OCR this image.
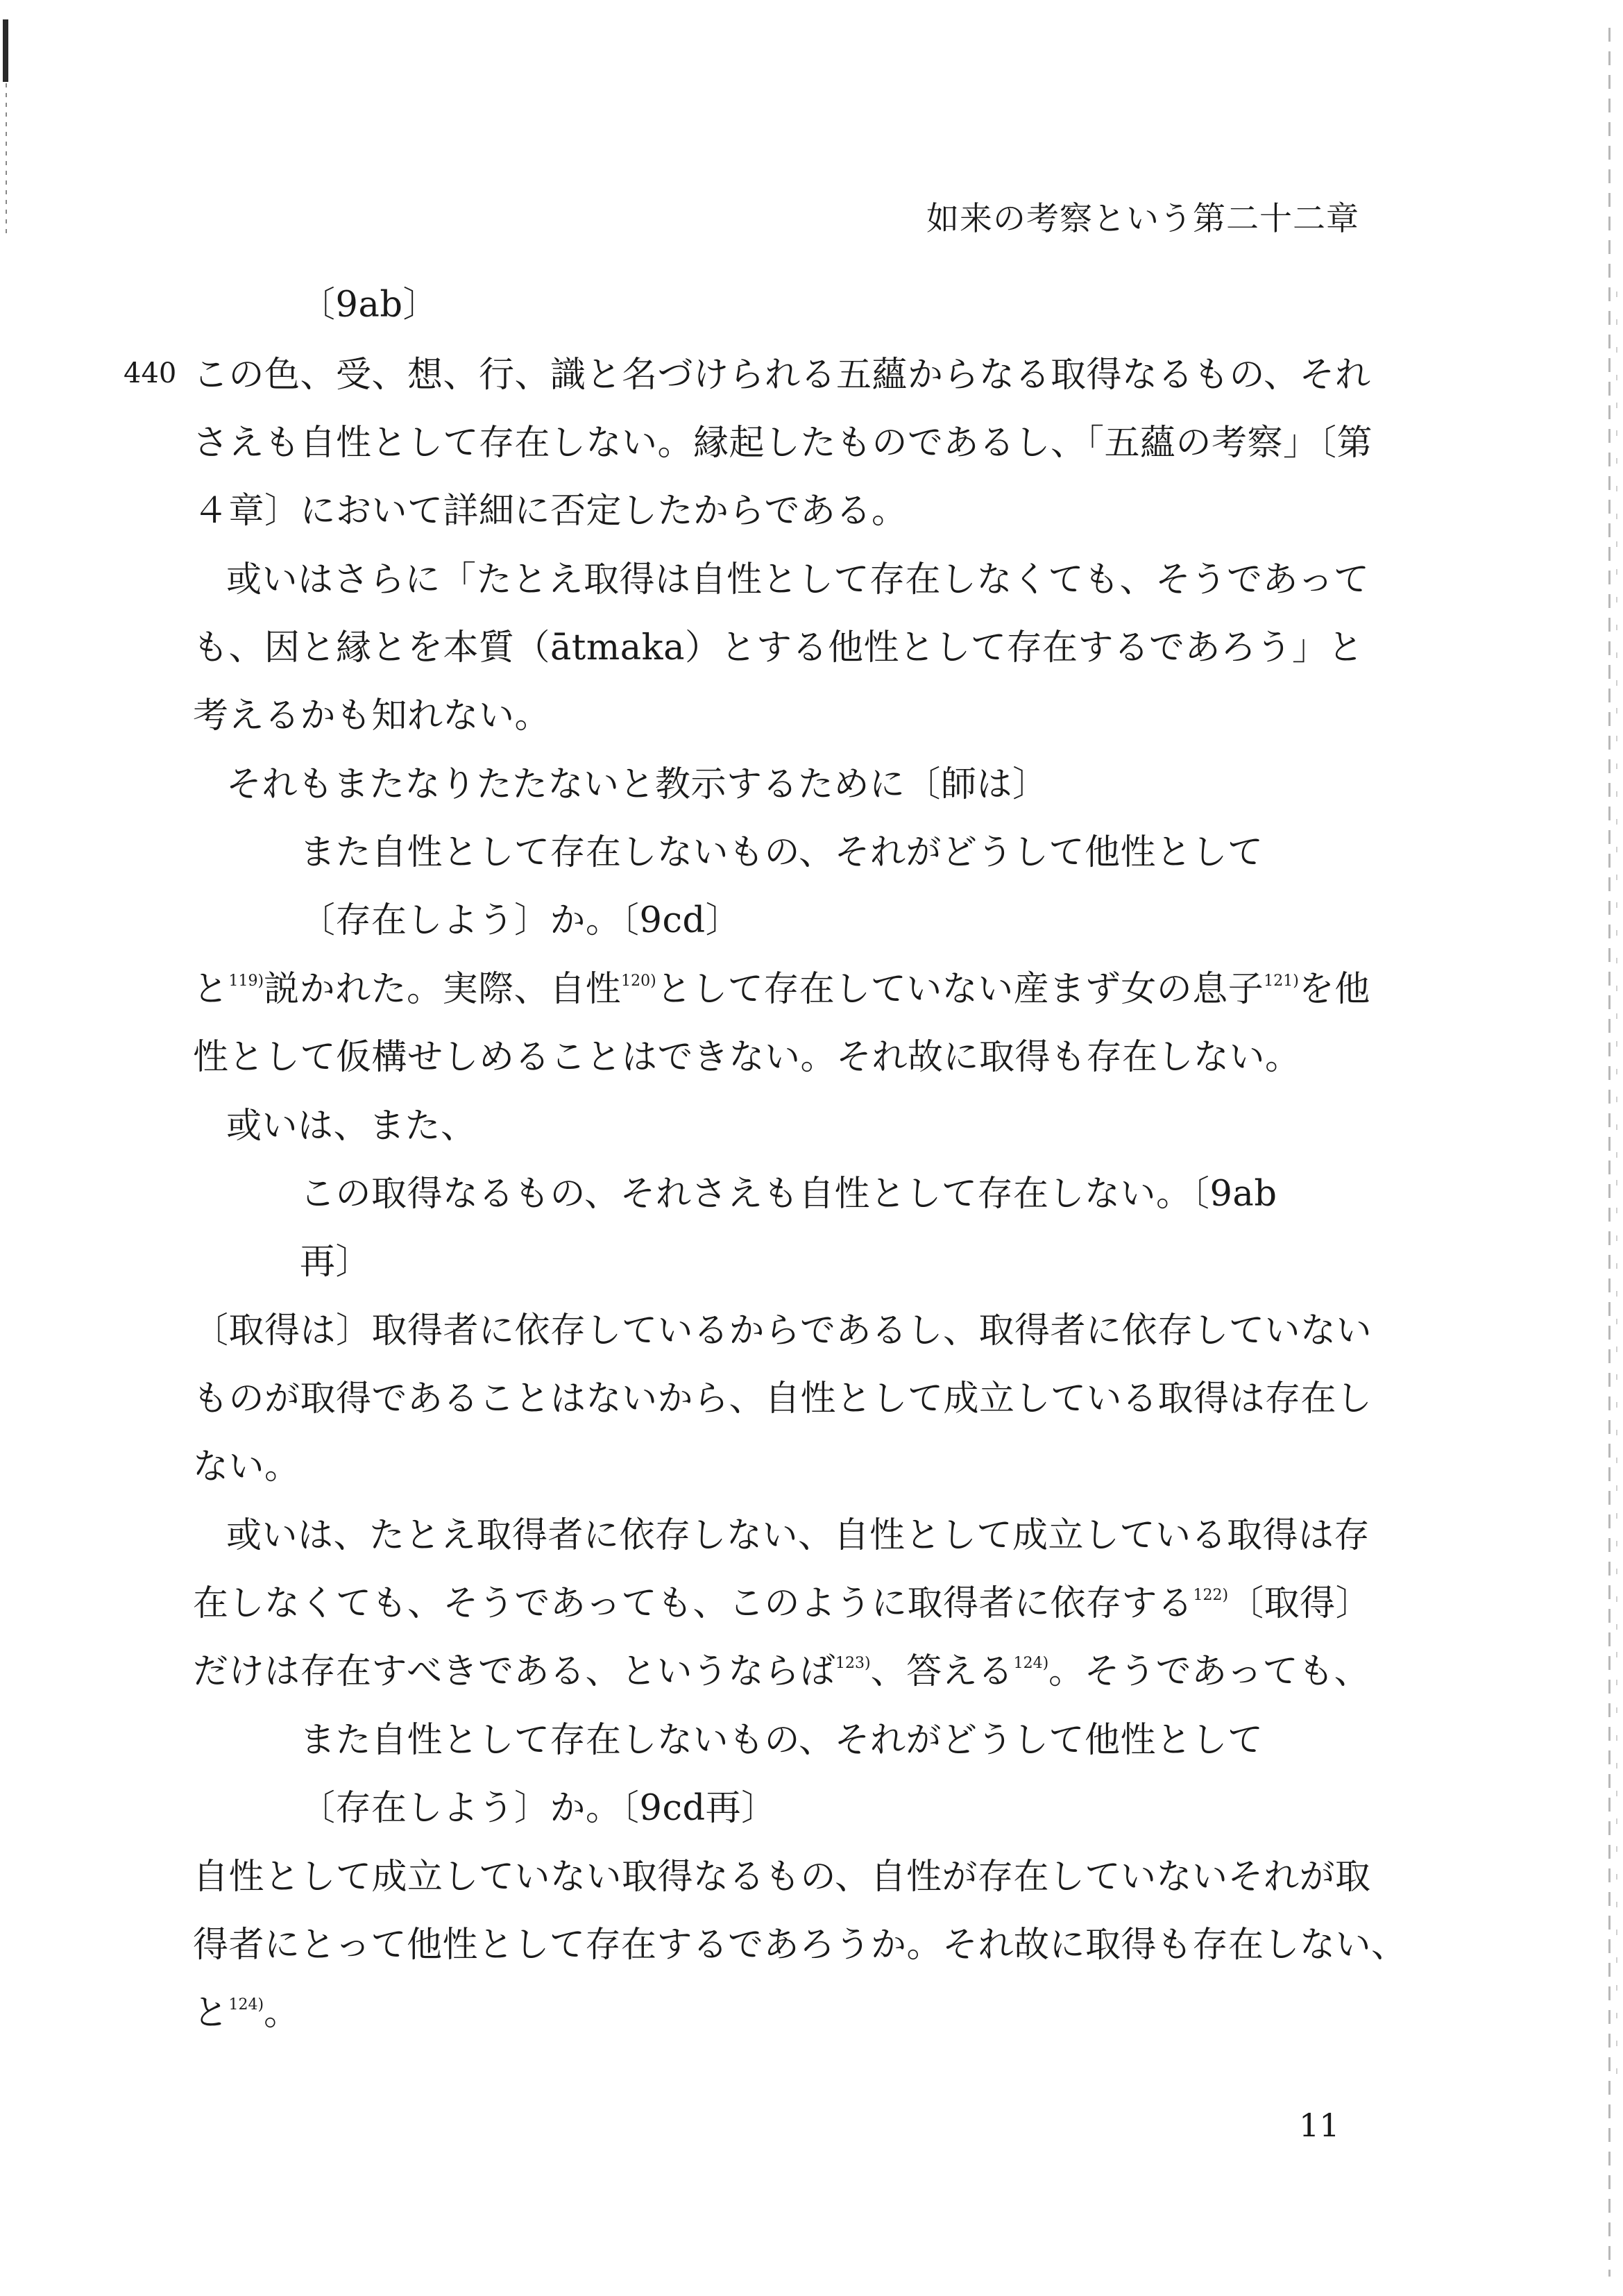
如来の考察という第二十二章
440
〔9ab〕
この色、受、想、行、識と名づけられる五蘊からなる取得なるもの、それ
さえも自性として存在しない。縁起したものであるし、「五蘊の考察」〔第
４章〕において詳細に否定したからである。
或いはさらに「たとえ取得は自性として存在しなくても、そうであって
も、因と縁とを本質（ātmaka）とする他性として存在するであろう」と
考えるかも知れない。
それもまたなりたたないと教示するために〔師は〕
また自性として存在しないもの、それがどうして他性として
〔存在しよう〕か。〔9cd〕
と$^{119)}$説かれた。実際、自性$^{120)}$として存在していない産まず女の息子$^{121)}$を他
性として仮構せしめることはできない。それ故に取得も存在しない。
或いは、また、
この取得なるもの、それさえも自性として存在しない。〔9ab
再〕
〔取得は〕取得者に依存しているからであるし、取得者に依存していない
ものが取得であることはないから、自性として成立している取得は存在し
ない。
或いは、たとえ取得者に依存しない、自性として成立している取得は存
在しなくても、そうであっても、このように取得者に依存する$^{122)}$〔取得〕
だけは存在すべきである、というならば$^{123)}$、答える$^{124)}$。そうであっても、
また自性として存在しないもの、それがどうして他性として
〔存在しよう〕か。〔9cd再〕
自性として成立していない取得なるもの、自性が存在していないそれが取
得者にとって他性として存在するであろうか。それ故に取得も存在しない、
と$^{124)}$。
11
